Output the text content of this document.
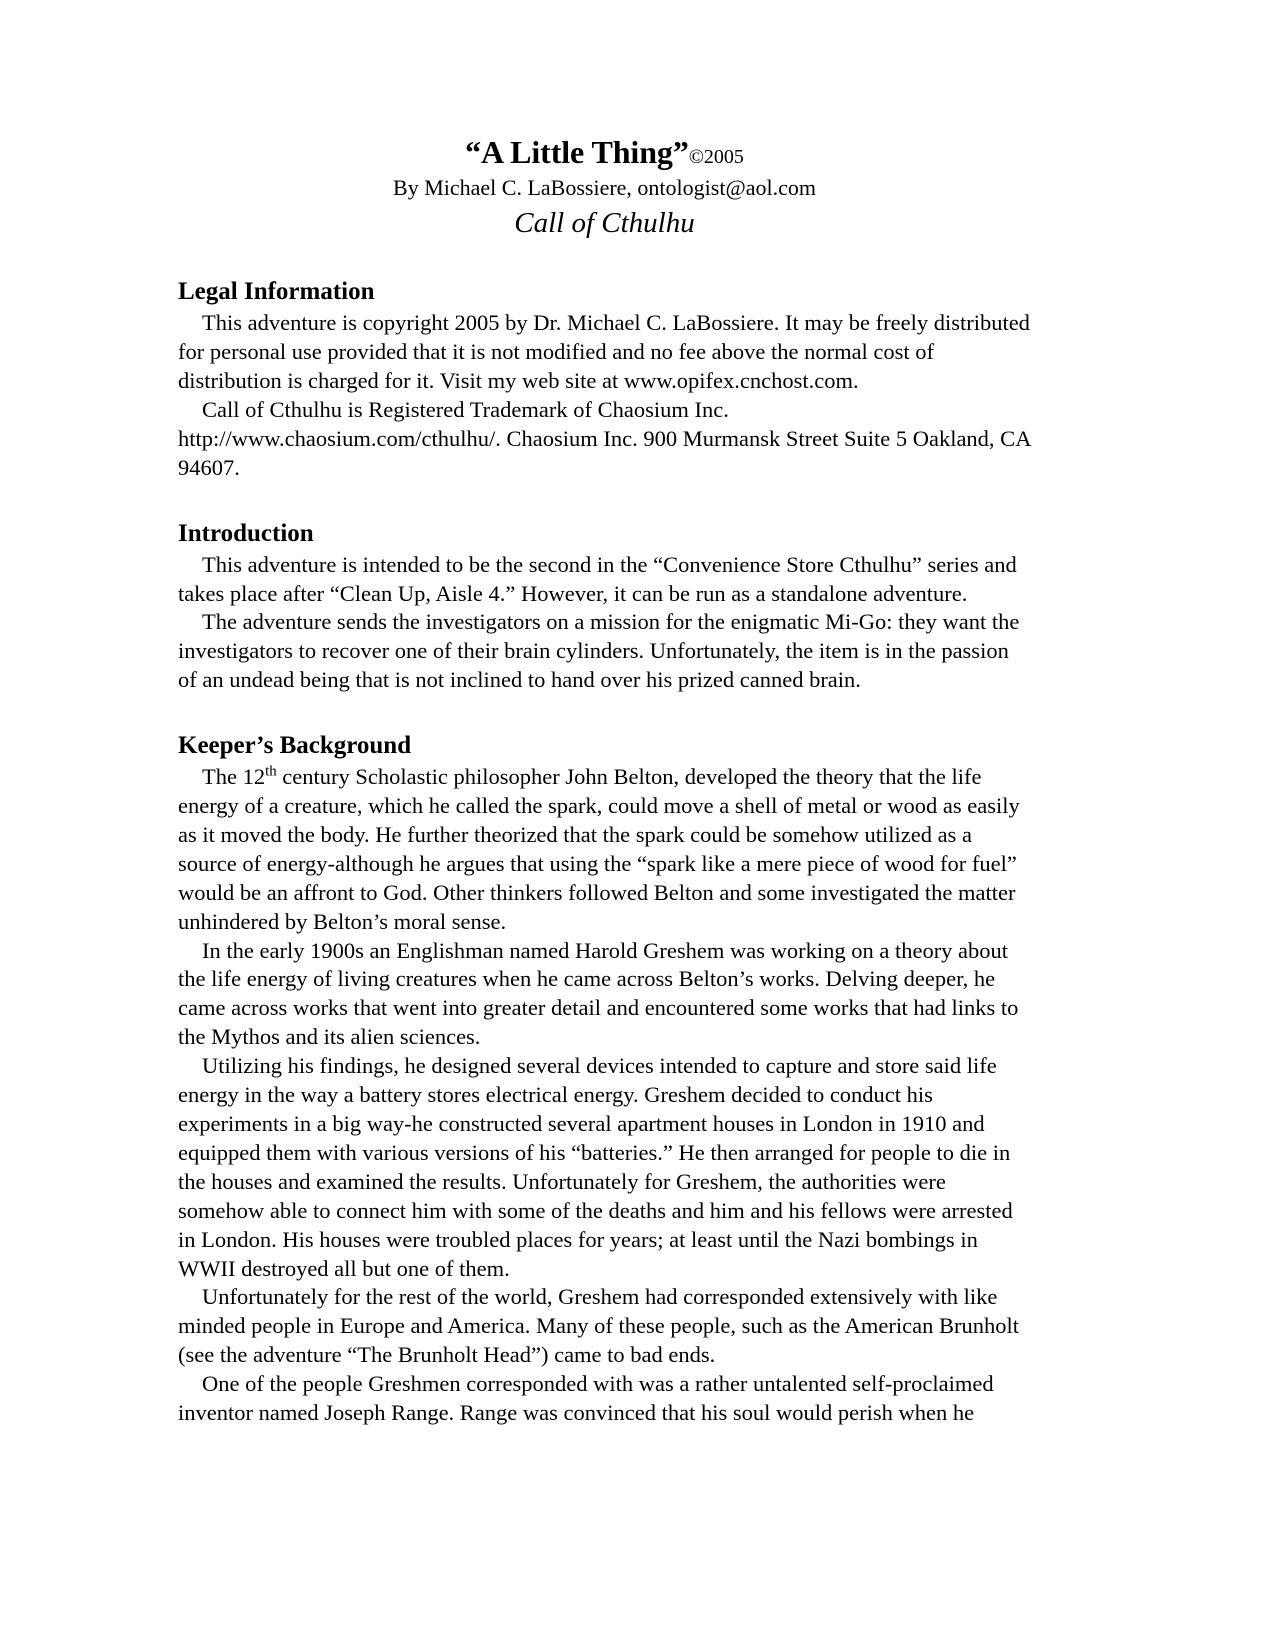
“A Little Thing”©2005
By Michael C. LaBossiere, ontologist@aol.com
Call of Cthulhu
Legal Information

This adventure is copyright 2005 by Dr. Michael C. LaBossiere. It may be freely distributed for personal use provided that it is not modified and no fee above the normal cost of distribution is charged for it. Visit my web site at www.opifex.cnchost.com.

Call of Cthulhu is Registered Trademark of Chaosium Inc. http://www.chaosium.com/cthulhu/. Chaosium Inc. 900 Murmansk Street Suite 5 Oakland, CA 94607.

Introduction

This adventure is intended to be the second in the “Convenience Store Cthulhu” series and takes place after “Clean Up, Aisle 4.” However, it can be run as a standalone adventure.

The adventure sends the investigators on a mission for the enigmatic Mi-Go: they want the investigators to recover one of their brain cylinders. Unfortunately, the item is in the passion of an undead being that is not inclined to hand over his prized canned brain.

Keeper’s Background

The 12th century Scholastic philosopher John Belton, developed the theory that the life energy of a creature, which he called the spark, could move a shell of metal or wood as easily as it moved the body. He further theorized that the spark could be somehow utilized as a source of energy-although he argues that using the “spark like a mere piece of wood for fuel” would be an affront to God. Other thinkers followed Belton and some investigated the matter unhindered by Belton’s moral sense.

In the early 1900s an Englishman named Harold Greshem was working on a theory about the life energy of living creatures when he came across Belton’s works. Delving deeper, he came across works that went into greater detail and encountered some works that had links to the Mythos and its alien sciences.

Utilizing his findings, he designed several devices intended to capture and store said life energy in the way a battery stores electrical energy. Greshem decided to conduct his experiments in a big way-he constructed several apartment houses in London in 1910 and equipped them with various versions of his “batteries.” He then arranged for people to die in the houses and examined the results. Unfortunately for Greshem, the authorities were somehow able to connect him with some of the deaths and him and his fellows were arrested in London. His houses were troubled places for years; at least until the Nazi bombings in WWII destroyed all but one of them.

Unfortunately for the rest of the world, Greshem had corresponded extensively with like minded people in Europe and America. Many of these people, such as the American Brunholt (see the adventure “The Brunholt Head”) came to bad ends.

One of the people Greshmen corresponded with was a rather untalented self-proclaimed inventor named Joseph Range. Range was convinced that his soul would perish when he
